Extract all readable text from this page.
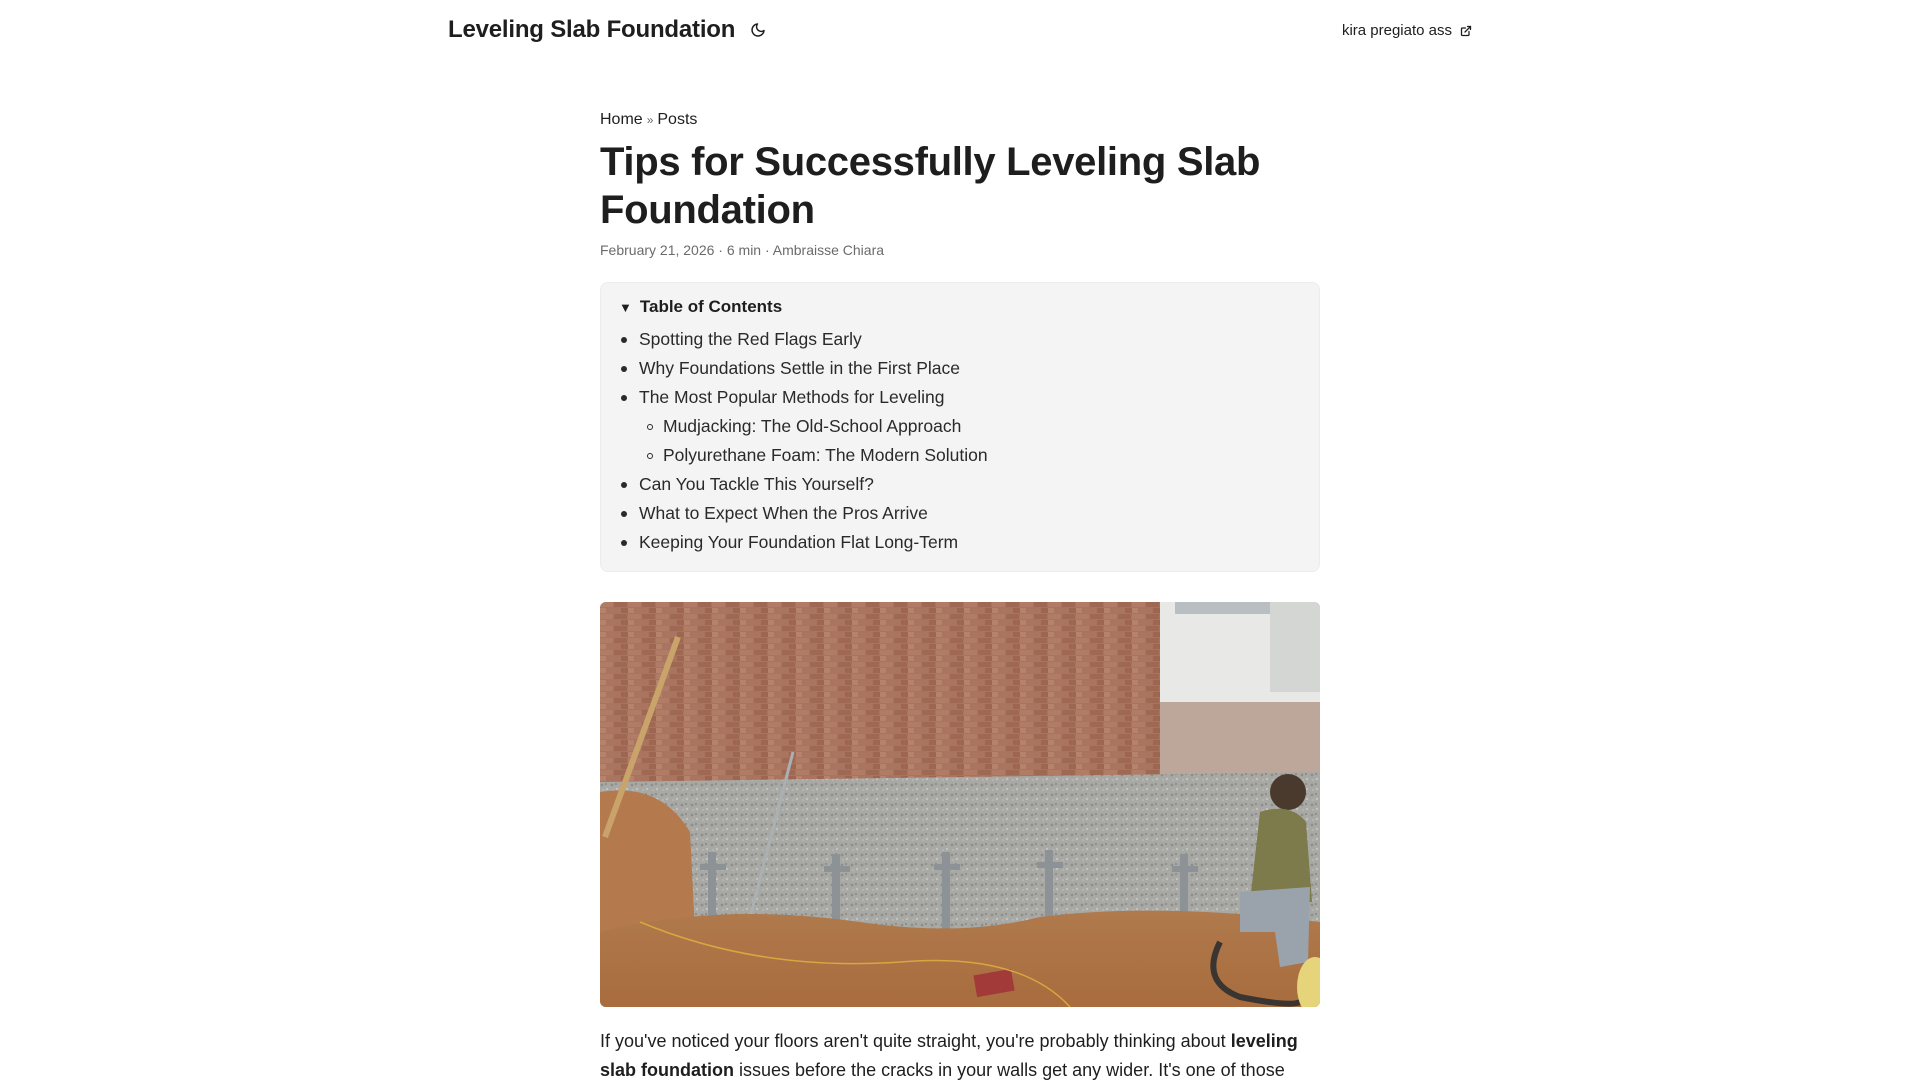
Leveling Slab Foundation	kira pregiato ass
Home » Posts
Tips for Successfully Leveling Slab Foundation
February 21, 2026 · 6 min · Ambraisse Chiara
▼ Table of Contents
Spotting the Red Flags Early
Why Foundations Settle in the First Place
The Most Popular Methods for Leveling
Mudjacking: The Old-School Approach
Polyurethane Foam: The Modern Solution
Can You Tackle This Yourself?
What to Expect When the Pros Arrive
Keeping Your Foundation Flat Long-Term

If you've noticed your floors aren't quite straight, you're probably thinking about leveling slab foundation issues before the cracks in your walls get any wider. It's one of those
